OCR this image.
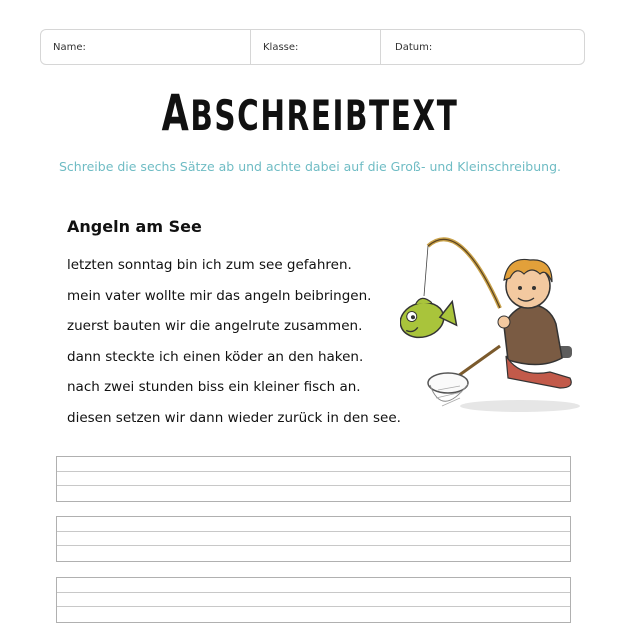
Name:	Klasse:	Datum:
ABSCHREIBTEXT
Schreibe die sechs Sätze ab und achte dabei auf die Groß- und Kleinschreibung.
Angeln am See
letzten sonntag bin ich zum see gefahren.
mein vater wollte mir das angeln beibringen.
zuerst bauten wir die angelrute zusammen.
dann steckte ich einen köder an den haken.
nach zwei stunden biss ein kleiner fisch an.
diesen setzen wir dann wieder zurück in den see.
